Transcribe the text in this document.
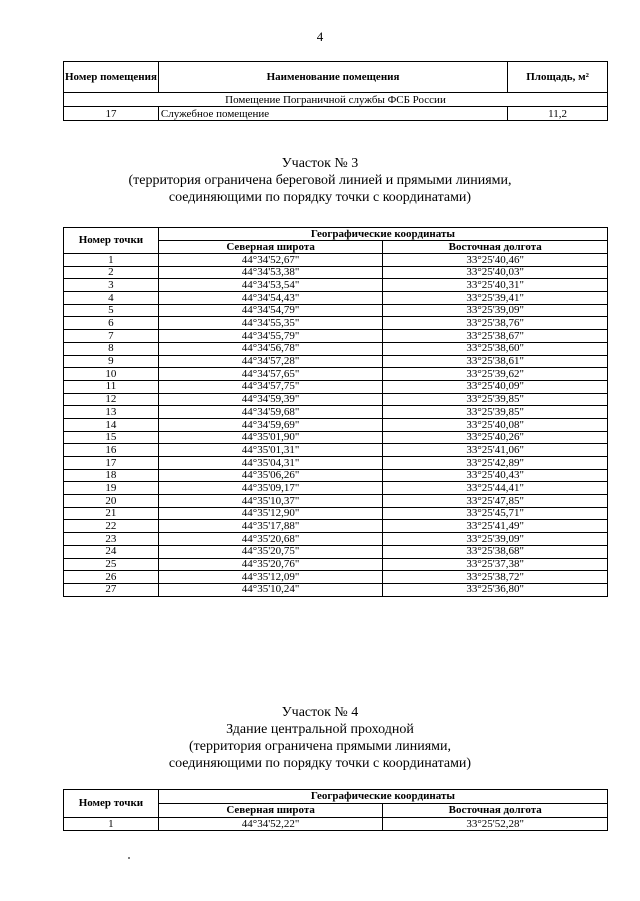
4
Номер помещения	Наименование помещения	Площадь, м²
Помещение Пограничной службы ФСБ России		
17	Служебное помещение	11,2
Участок № 3
(территория ограничена береговой линией и прямыми линиями,
соединяющими по порядку точки с координатами)
Номер точки	Географические координаты	
	Северная широта	Восточная долгота
1	44°34'52,67"	33°25'40,46"
2	44°34'53,38"	33°25'40,03"
3	44°34'53,54"	33°25'40,31"
4	44°34'54,43"	33°25'39,41"
5	44°34'54,79"	33°25'39,09"
6	44°34'55,35"	33°25'38,76"
7	44°34'55,79"	33°25'38,67"
8	44°34'56,78"	33°25'38,60"
9	44°34'57,28"	33°25'38,61"
10	44°34'57,65"	33°25'39,62"
11	44°34'57,75"	33°25'40,09"
12	44°34'59,39"	33°25'39,85"
13	44°34'59,68"	33°25'39,85"
14	44°34'59,69"	33°25'40,08"
15	44°35'01,90"	33°25'40,26"
16	44°35'01,31"	33°25'41,06"
17	44°35'04,31"	33°25'42,89"
18	44°35'06,26"	33°25'40,43"
19	44°35'09,17"	33°25'44,41"
20	44°35'10,37"	33°25'47,85"
21	44°35'12,90"	33°25'45,71"
22	44°35'17,88"	33°25'41,49"
23	44°35'20,68"	33°25'39,09"
24	44°35'20,75"	33°25'38,68"
25	44°35'20,76"	33°25'37,38"
26	44°35'12,09"	33°25'38,72"
27	44°35'10,24"	33°25'36,80"
Участок № 4
Здание центральной проходной
(территория ограничена прямыми линиями,
соединяющими по порядку точки с координатами)
Номер точки	Географические координаты	
	Северная широта	Восточная долгота
1	44°34'52,22"	33°25'52,28"
